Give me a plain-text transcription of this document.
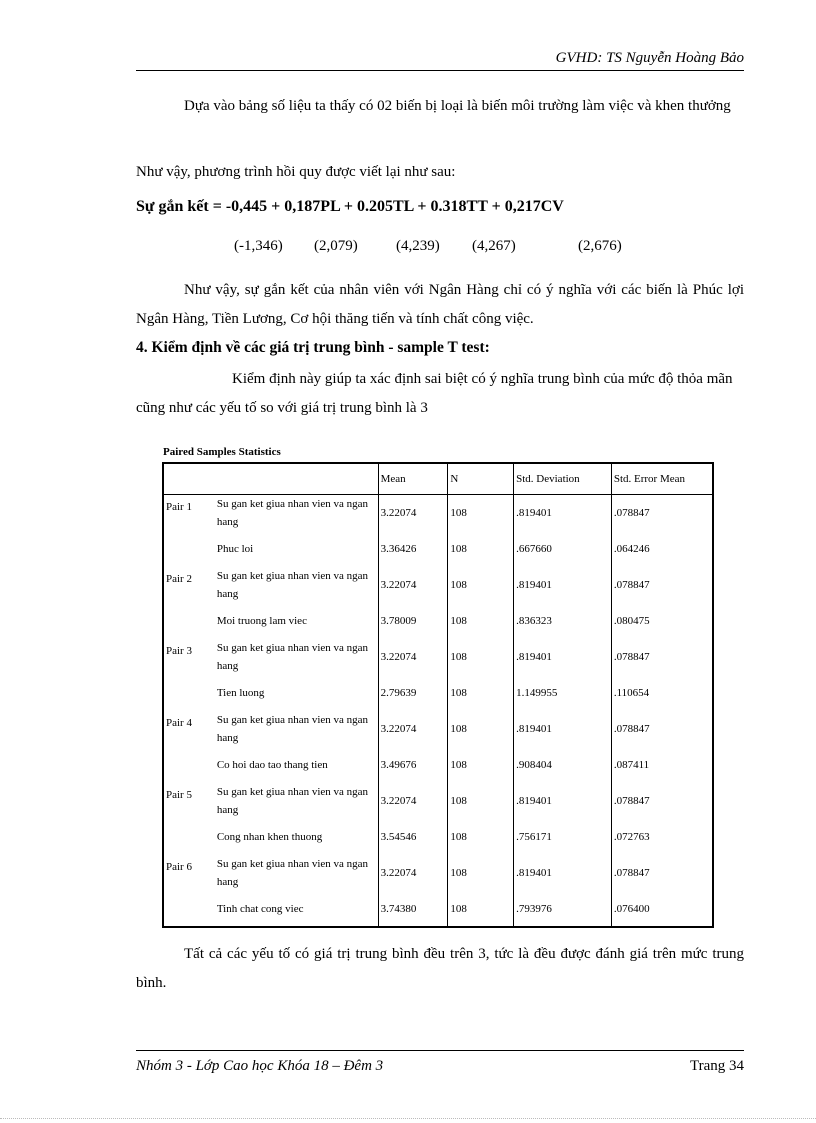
GVHD: TS Nguyễn Hoàng Bảo
Dựa vào bảng số liệu ta thấy có 02 biến bị loại là biến môi trường làm việc và khen thưởng
Như vậy, phương trình hồi quy được viết lại như sau:
Sự gắn kết = -0,445 + 0,187PL + 0.205TL + 0.318TT + 0,217CV
(-1,346) (2,079)	(4,239) (4,267)	(2,676)
Như vậy, sự gắn kết của nhân viên với Ngân Hàng chỉ có ý nghĩa với các biến là Phúc lợi Ngân Hàng, Tiền Lương, Cơ hội thăng tiến và tính chất công việc.
4. Kiểm định về các giá trị trung bình - sample T test:
Kiểm định này giúp ta xác định sai biệt có ý nghĩa trung bình của mức độ thỏa mãn cũng như các yếu tố so với giá trị trung bình là 3
Paired Samples Statistics
		Mean	N	Std. Deviation	Std. Error Mean
Pair 1	Su gan ket giua nhan vien va ngan hang	3.22074	108	.819401	.078847
	Phuc loi	3.36426	108	.667660	.064246
Pair 2	Su gan ket giua nhan vien va ngan hang	3.22074	108	.819401	.078847
	Moi truong lam viec	3.78009	108	.836323	.080475
Pair 3	Su gan ket giua nhan vien va ngan hang	3.22074	108	.819401	.078847
	Tien luong	2.79639	108	1.149955	.110654
Pair 4	Su gan ket giua nhan vien va ngan hang	3.22074	108	.819401	.078847
	Co hoi dao tao thang tien	3.49676	108	.908404	.087411
Pair 5	Su gan ket giua nhan vien va ngan hang	3.22074	108	.819401	.078847
	Cong nhan khen thuong	3.54546	108	.756171	.072763
Pair 6	Su gan ket giua nhan vien va ngan hang	3.22074	108	.819401	.078847
	Tinh chat cong viec	3.74380	108	.793976	.076400
Tất cả các yếu tố có giá trị trung bình đều trên 3, tức là đều được đánh giá trên mức trung bình.
Nhóm 3 - Lớp Cao học Khóa 18 – Đêm 3	Trang 34
